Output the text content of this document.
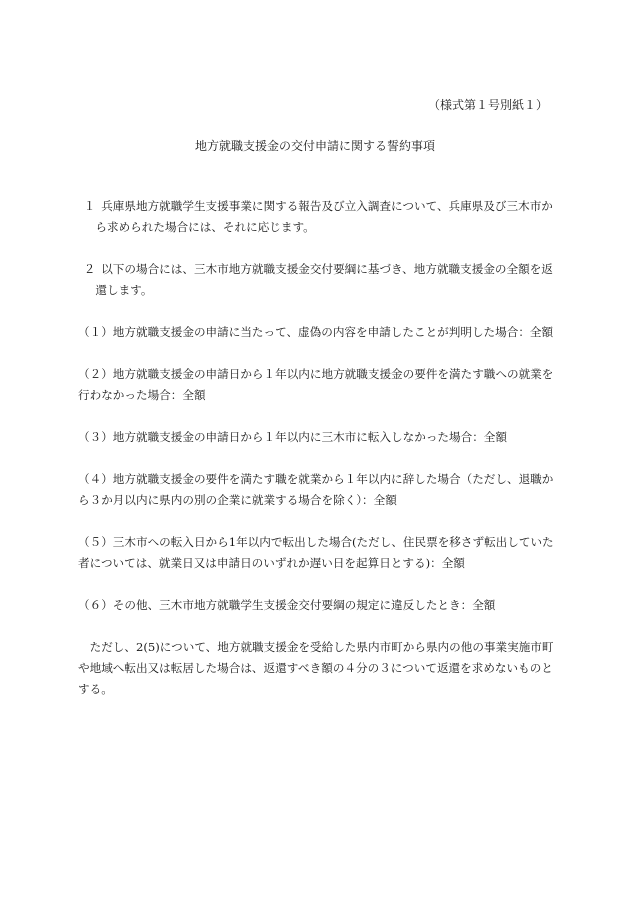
（様式第１号別紙１）
地方就職支援金の交付申請に関する誓約事項

１ 兵庫県地方就職学生支援事業に関する報告及び立入調査について、兵庫県及び三木市から求められた場合には、それに応じます。

２ 以下の場合には、三木市地方就職支援金交付要綱に基づき、地方就職支援金の全額を返還します。

（１）地方就職支援金の申請に当たって、虚偽の内容を申請したことが判明した場合：全額

（２）地方就職支援金の申請日から１年以内に地方就職支援金の要件を満たす職への就業を行わなかった場合：全額

（３）地方就職支援金の申請日から１年以内に三木市に転入しなかった場合：全額

（４）地方就職支援金の要件を満たす職を就業から１年以内に辞した場合（ただし、退職から３か月以内に県内の別の企業に就業する場合を除く）：全額

（５）三木市への転入日から1年以内で転出した場合(ただし、住民票を移さず転出していた者については、就業日又は申請日のいずれか遅い日を起算日とする)：全額

（６）その他、三木市地方就職学生支援金交付要綱の規定に違反したとき：全額

ただし、2(5)について、地方就職支援金を受給した県内市町から県内の他の事業実施市町や地域へ転出又は転居した場合は、返還すべき額の４分の３について返還を求めないものとする。
